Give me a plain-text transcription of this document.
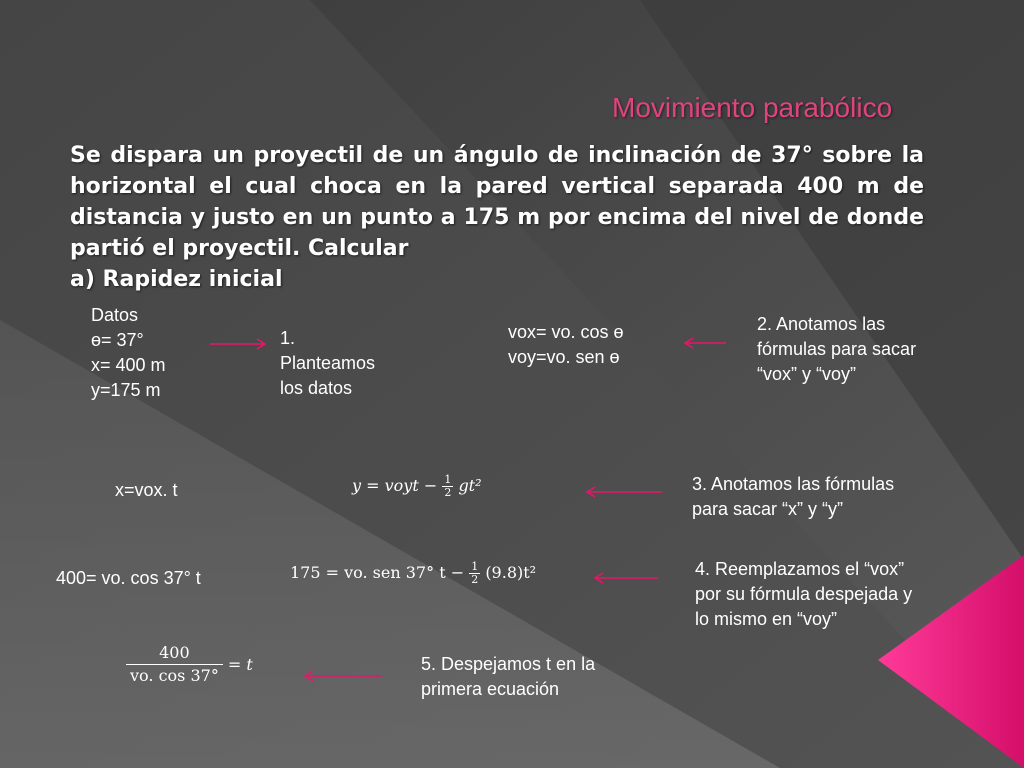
Movimiento parabólico
Se dispara un proyectil de un ángulo de inclinación de 37° sobre la
horizontal el cual choca en la pared vertical separada 400 m de
distancia y justo en un punto a 175 m por encima del nivel de donde
partió el proyectil. Calcular
a) Rapidez inicial
Datos
ө= 37°
x= 400 m
y=175 m
1.
Planteamos
los datos
vox= vo. cos ө
voy=vo. sen ө
2. Anotamos las
fórmulas para sacar
“vox” y “voy”
x=vox. t	y = voyt − $\frac{1}{2} gt^2$	3. Anotamos las fórmulas
para sacar “x” y “y”
400= vo. cos 37° t	175 = vo. sen 37° $t - \frac{1}{2} (9.8)t^2$	4. Reemplazamos el “vox”
por su fórmula despejada y
lo mismo en “voy”
$\frac{400}{vo. \cos 37^\circ} = t$	5. Despejamos t en la
primera ecuación
